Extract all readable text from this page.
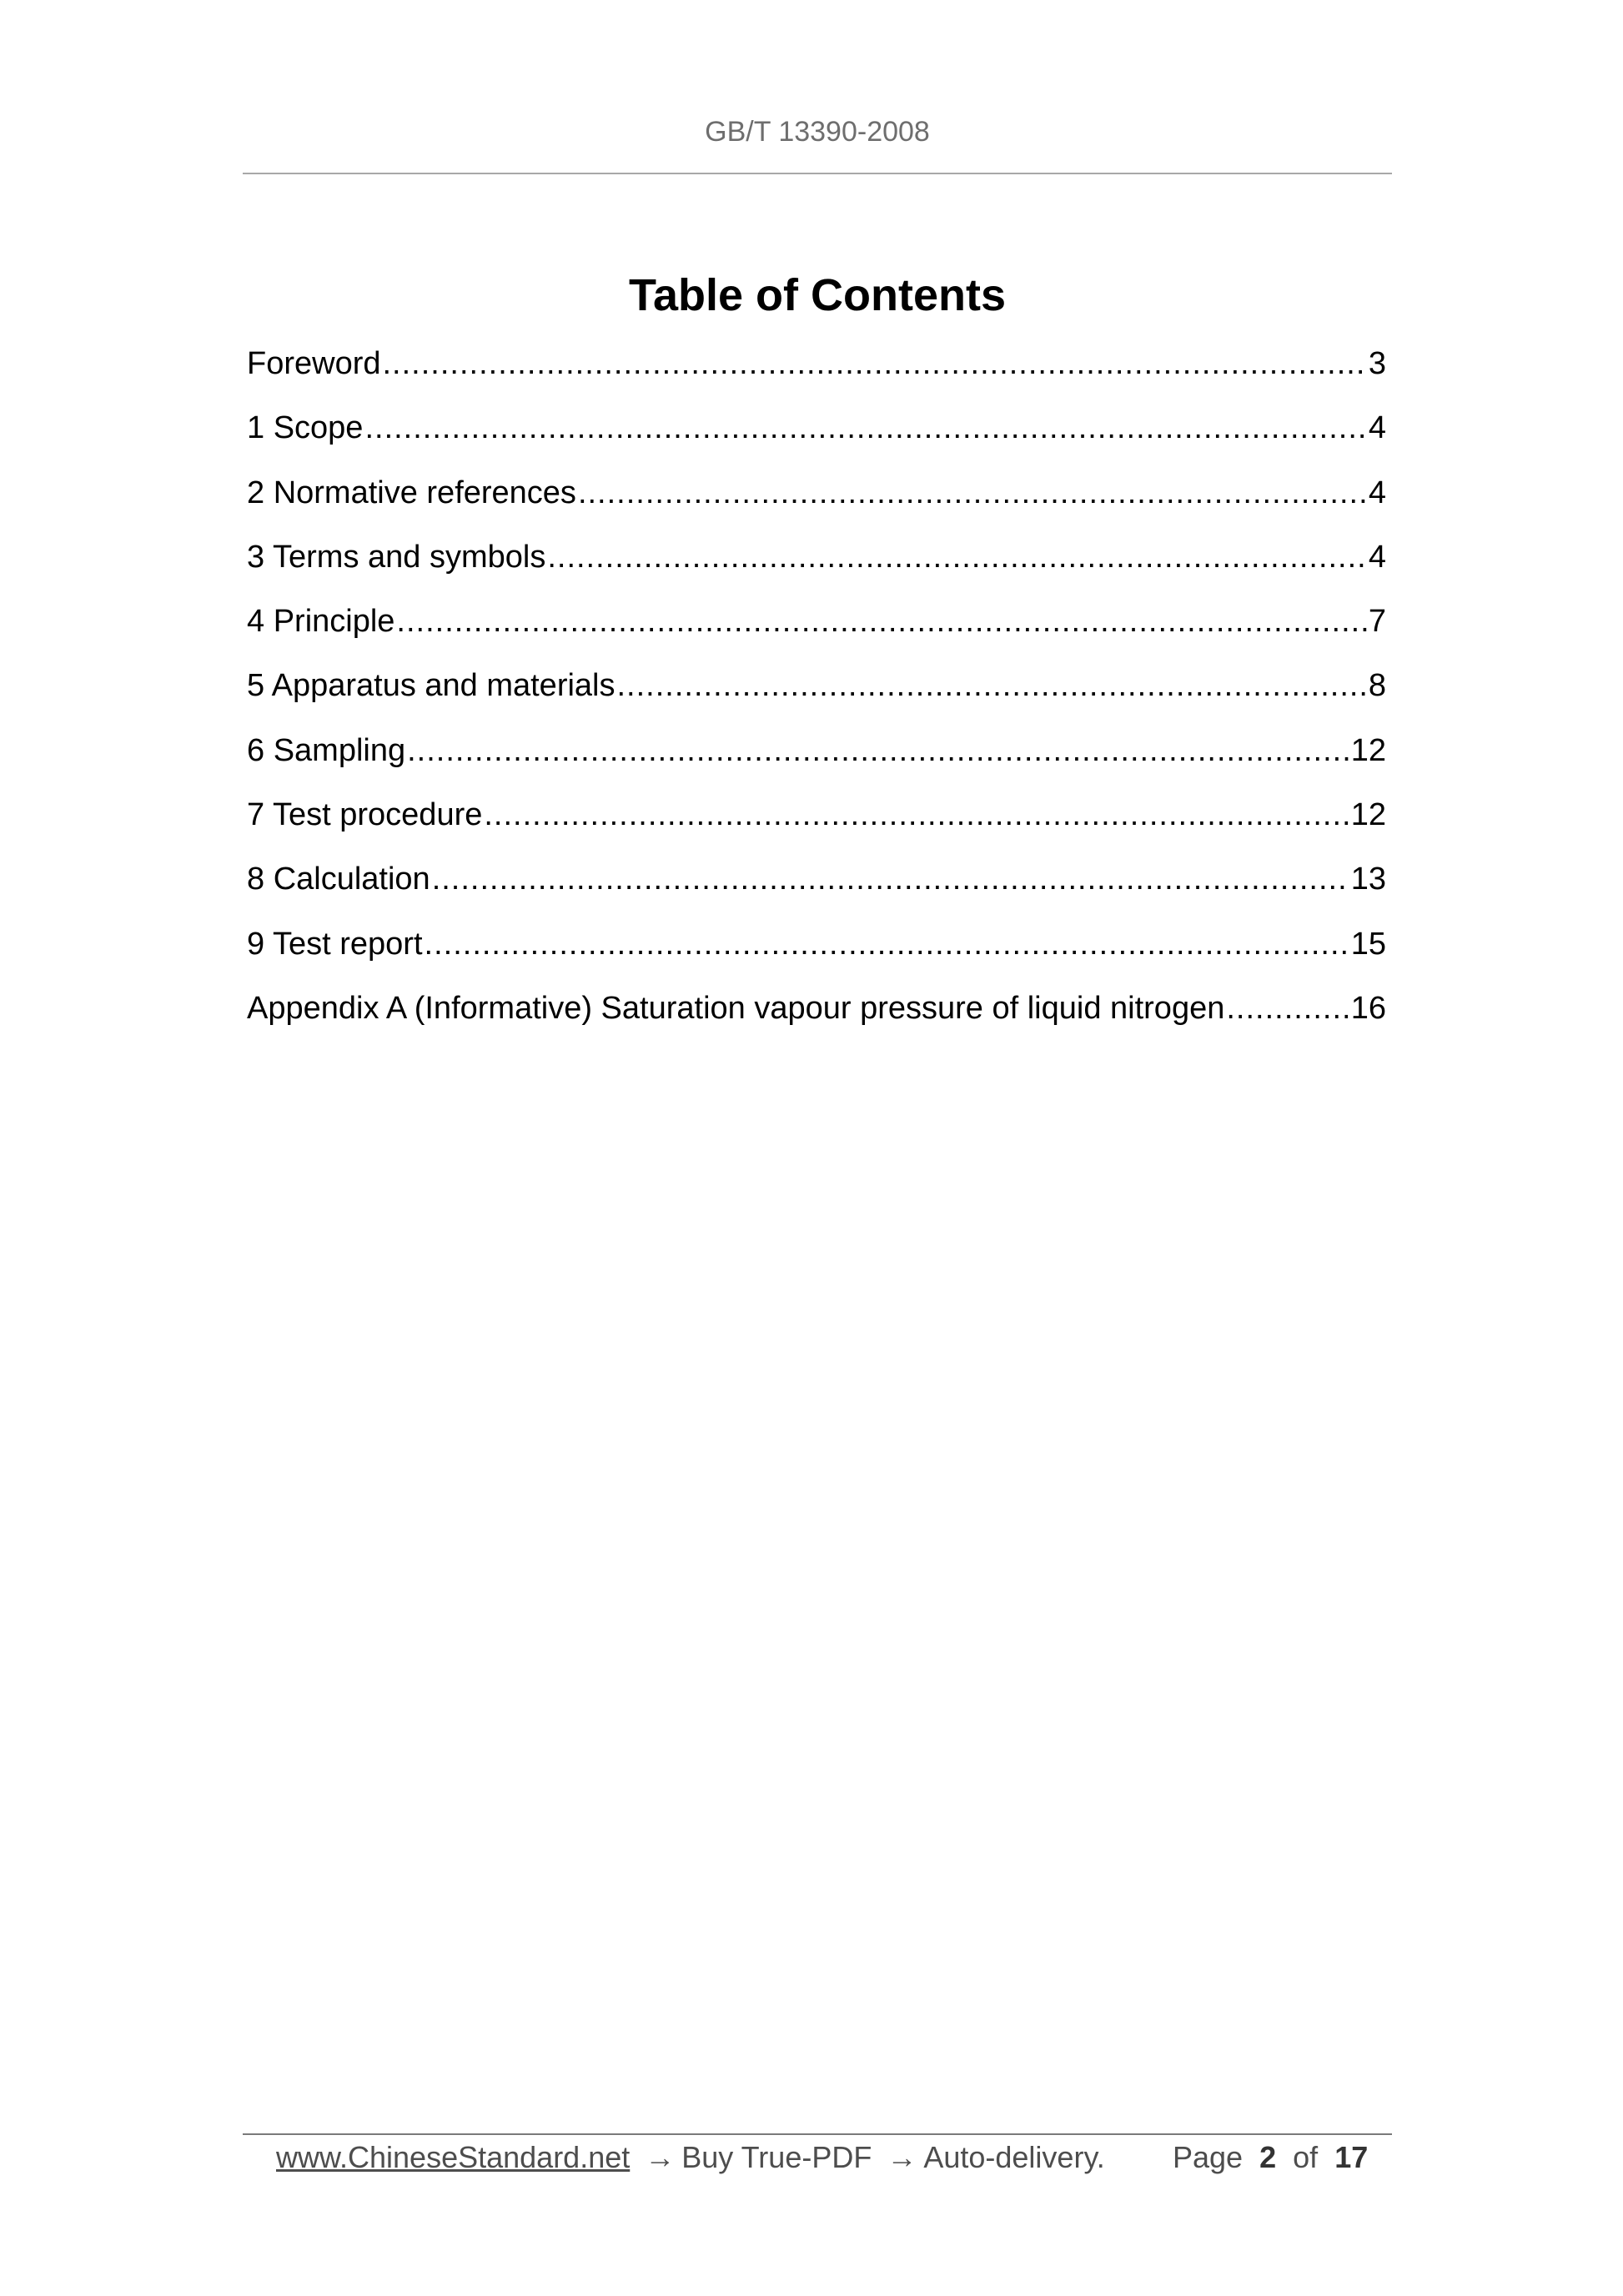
GB/T 13390-2008
Table of Contents
Foreword .....	3
1 Scope .....	4
2 Normative references .....	4
3 Terms and symbols .....	4
4 Principle .....	7
5 Apparatus and materials .....	8
6 Sampling .....	12
7 Test procedure .....	12
8 Calculation .....	13
9 Test report .....	15
Appendix A (Informative) Saturation vapour pressure of liquid nitrogen .....	16
www.ChineseStandard.net → Buy True-PDF → Auto-delivery. Page 2 of 17
